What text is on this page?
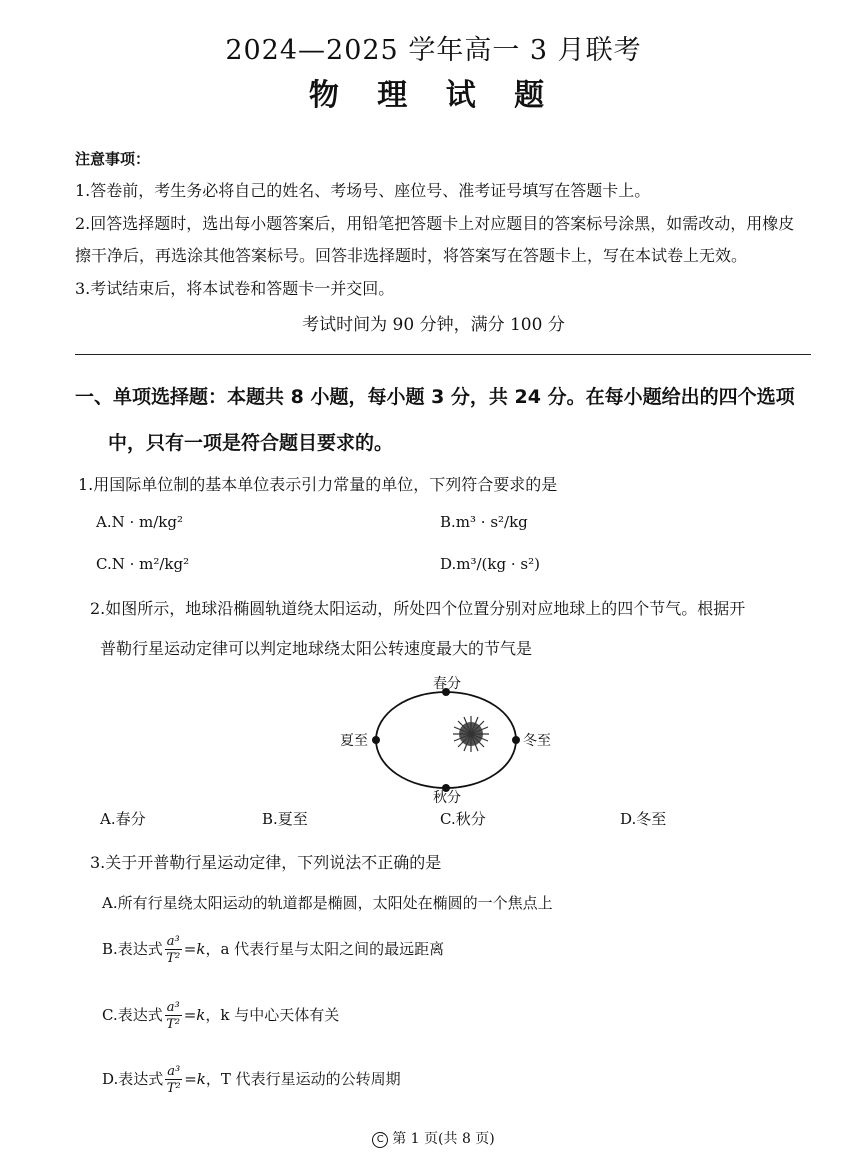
2024—2025 学年高一 3 月联考
物 理 试 题
注意事项：
1.答卷前，考生务必将自己的姓名、考场号、座位号、准考证号填写在答题卡上。
2.回答选择题时，选出每小题答案后，用铅笔把答题卡上对应题目的答案标号涂黑，如需改动，用橡皮
擦干净后，再选涂其他答案标号。回答非选择题时，将答案写在答题卡上，写在本试卷上无效。
3.考试结束后，将本试卷和答题卡一并交回。
考试时间为 90 分钟，满分 100 分
一、单项选择题：本题共 8 小题，每小题 3 分，共 24 分。在每小题给出的四个选项
中，只有一项是符合题目要求的。
1.用国际单位制的基本单位表示引力常量的单位，下列符合要求的是
A.N · m/kg²	B.m³ · s²/kg
C.N · m²/kg²	D.m³/(kg · s²)
2.如图所示，地球沿椭圆轨道绕太阳运动，所处四个位置分别对应地球上的四个节气。根据开
普勒行星运动定律可以判定地球绕太阳公转速度最大的节气是
春分
夏至	冬至
秋分
A.春分	B.夏至	C.秋分	D.冬至
3.关于开普勒行星运动定律，下列说法不正确的是
A.所有行星绕太阳运动的轨道都是椭圆，太阳处在椭圆的一个焦点上
B.表达式 $\frac{\text{a³}}{\text{T²}} =k$，a 代表行星与太阳之间的最远距离
C.表达式 $\frac{\text{a³}}{\text{T²}} =k$，k 与中心天体有关
D.表达式 $\frac{\text{a³}}{\text{T²}} =k$，T 代表行星运动的公转周期
C 第 1 页(共 8 页)
